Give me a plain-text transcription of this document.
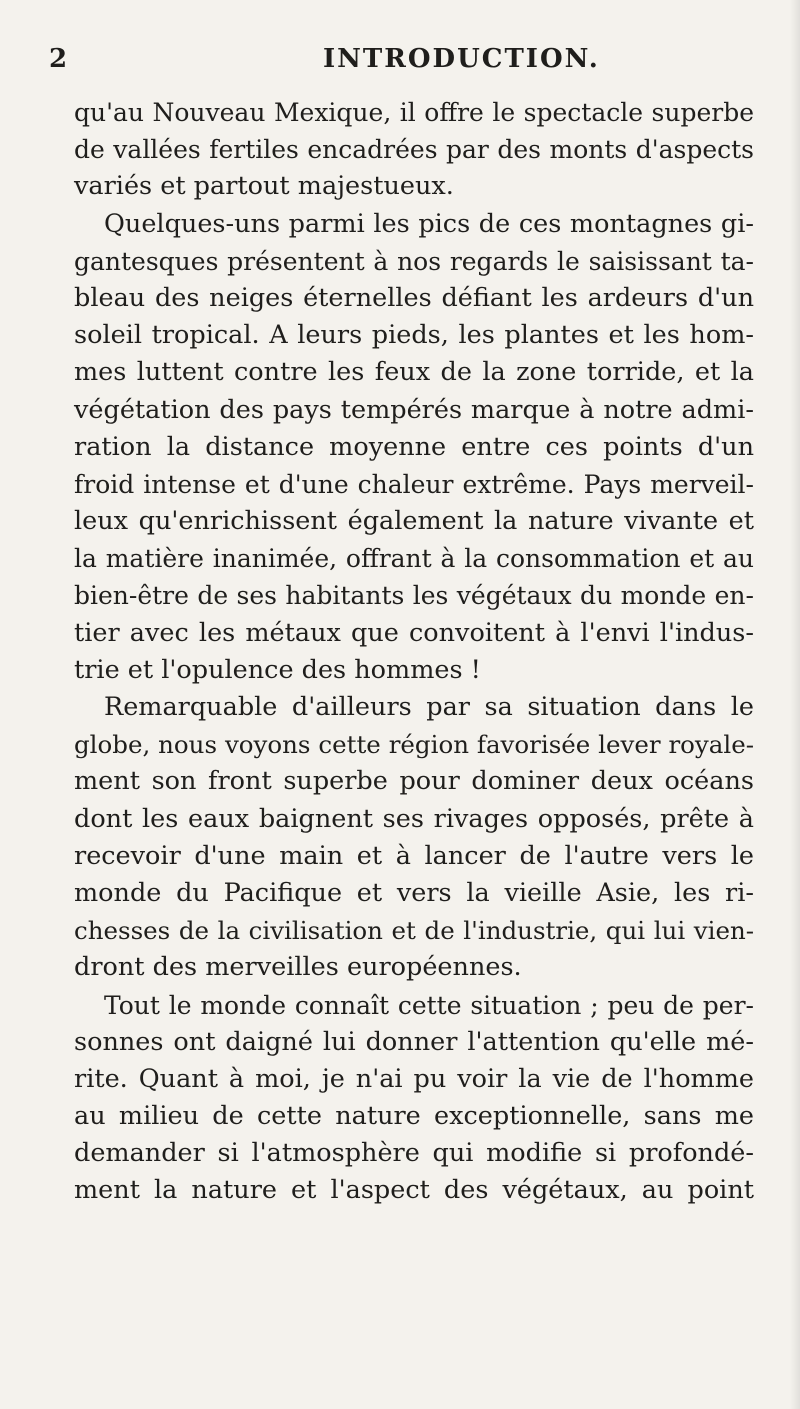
2	INTRODUCTION.
qu'au Nouveau Mexique, il offre le spectacle superbe
de vallées fertiles encadrées par des monts d'aspects
variés et partout majestueux.
Quelques-uns parmi les pics de ces montagnes gi-
gantesques présentent à nos regards le saisissant ta-
bleau des neiges éternelles défiant les ardeurs d'un
soleil tropical. A leurs pieds, les plantes et les hom-
mes luttent contre les feux de la zone torride, et la
végétation des pays tempérés marque à notre admi-
ration la distance moyenne entre ces points d'un
froid intense et d'une chaleur extrême. Pays merveil-
leux qu'enrichissent également la nature vivante et
la matière inanimée, offrant à la consommation et au
bien-être de ses habitants les végétaux du monde en-
tier avec les métaux que convoitent à l'envi l'indus-
trie et l'opulence des hommes !
Remarquable d'ailleurs par sa situation dans le
globe, nous voyons cette région favorisée lever royale-
ment son front superbe pour dominer deux océans
dont les eaux baignent ses rivages opposés, prête à
recevoir d'une main et à lancer de l'autre vers le
monde du Pacifique et vers la vieille Asie, les ri-
chesses de la civilisation et de l'industrie, qui lui vien-
dront des merveilles européennes.
Tout le monde connaît cette situation ; peu de per-
sonnes ont daigné lui donner l'attention qu'elle mé-
rite. Quant à moi, je n'ai pu voir la vie de l'homme
au milieu de cette nature exceptionnelle, sans me
demander si l'atmosphère qui modifie si profondé-
ment la nature et l'aspect des végétaux, au point
